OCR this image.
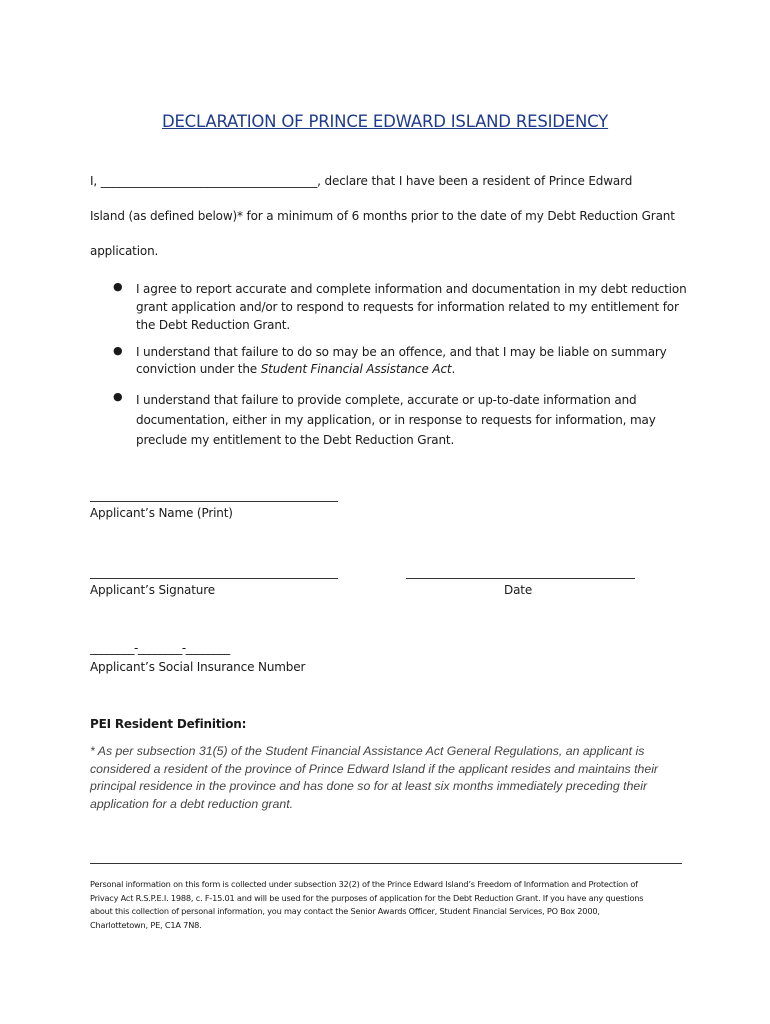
DECLARATION OF PRINCE EDWARD ISLAND RESIDENCY
I, _____________________________________, declare that I have been a resident of Prince Edward
Island (as defined below)* for a minimum of 6 months prior to the date of my Debt Reduction Grant
application.
● I agree to report accurate and complete information and documentation in my debt reduction
grant application and/or to respond to requests for information related to my entitlement for
the Debt Reduction Grant.
● I understand that failure to do so may be an offence, and that I may be liable on summary
conviction under the Student Financial Assistance Act.
● I understand that failure to provide complete, accurate or up-to-date information and
documentation, either in my application, or in response to requests for information, may
preclude my entitlement to the Debt Reduction Grant.
Applicant’s Name (Print)
Applicant’s Signature	Date
________-________-________
Applicant’s Social Insurance Number
PEI Resident Definition:
* As per subsection 31(5) of the Student Financial Assistance Act General Regulations, an applicant is
considered a resident of the province of Prince Edward Island if the applicant resides and maintains their
principal residence in the province and has done so for at least six months immediately preceding their
application for a debt reduction grant.
Personal information on this form is collected under subsection 32(2) of the Prince Edward Island’s Freedom of Information and Protection of
Privacy Act R.S.P.E.I. 1988, c. F-15.01 and will be used for the purposes of application for the Debt Reduction Grant. If you have any questions
about this collection of personal information, you may contact the Senior Awards Officer, Student Financial Services, PO Box 2000,
Charlottetown, PE, C1A 7N8.
